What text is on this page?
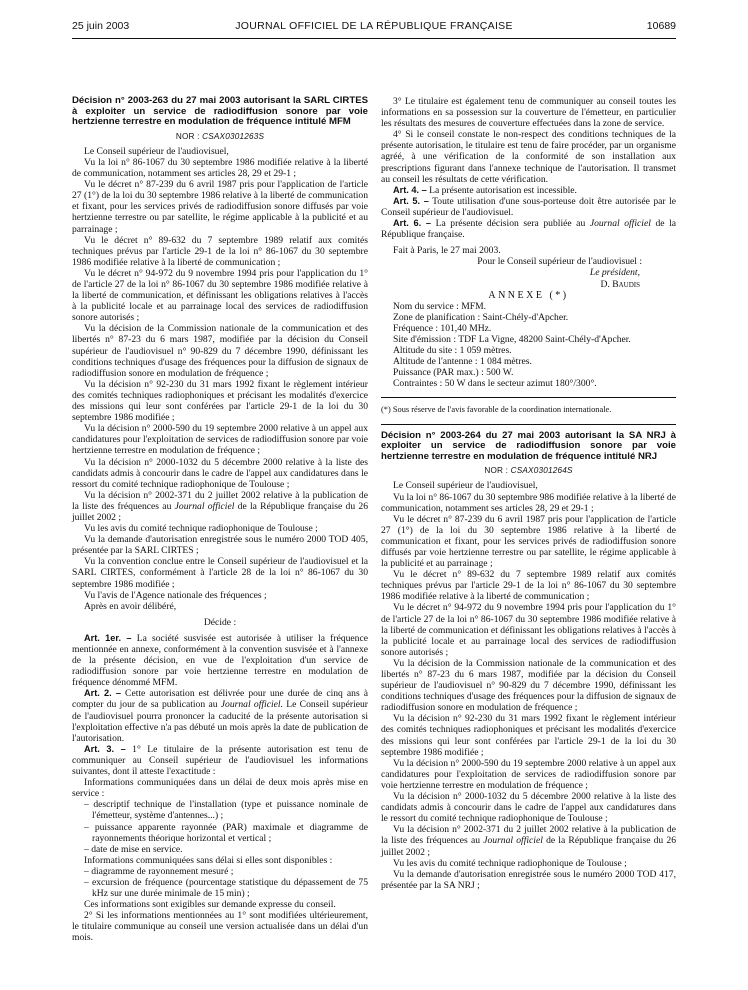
25 juin 2003	JOURNAL OFFICIEL DE LA RÉPUBLIQUE FRANÇAISE	10689
Décision n° 2003-263 du 27 mai 2003 autorisant la SARL CIRTES à exploiter un service de radiodiffusion sonore par voie hertzienne terrestre en modulation de fréquence intitulé MFM
NOR : CSAX0301263S

Le Conseil supérieur de l'audiovisuel,

Vu la loi n° 86-1067 du 30 septembre 1986 modifiée relative à la liberté de communication, notamment ses articles 28, 29 et 29-1 ;

Vu le décret n° 87-239 du 6 avril 1987 pris pour l'application de l'article 27 (1°) de la loi du 30 septembre 1986 relative à la liberté de communication et fixant, pour les services privés de radiodiffusion sonore diffusés par voie hertzienne terrestre ou par satellite, le régime applicable à la publicité et au parrainage ;

Vu le décret n° 89-632 du 7 septembre 1989 relatif aux comités techniques prévus par l'article 29-1 de la loi n° 86-1067 du 30 septembre 1986 modifiée relative à la liberté de communication ;

Vu le décret n° 94-972 du 9 novembre 1994 pris pour l'application du 1° de l'article 27 de la loi n° 86-1067 du 30 septembre 1986 modifiée relative à la liberté de communication, et définissant les obligations relatives à l'accès à la publicité locale et au parrainage local des services de radiodiffusion sonore autorisés ;

Vu la décision de la Commission nationale de la communication et des libertés n° 87-23 du 6 mars 1987, modifiée par la décision du Conseil supérieur de l'audiovisuel n° 90-829 du 7 décembre 1990, définissant les conditions techniques d'usage des fréquences pour la diffusion de signaux de radiodiffusion sonore en modulation de fréquence ;

Vu la décision n° 92-230 du 31 mars 1992 fixant le règlement intérieur des comités techniques radiophoniques et précisant les modalités d'exercice des missions qui leur sont conférées par l'article 29-1 de la loi du 30 septembre 1986 modifiée ;

Vu la décision n° 2000-590 du 19 septembre 2000 relative à un appel aux candidatures pour l'exploitation de services de radiodiffusion sonore par voie hertzienne terrestre en modulation de fréquence ;

Vu la décision n° 2000-1032 du 5 décembre 2000 relative à la liste des candidats admis à concourir dans le cadre de l'appel aux candidatures dans le ressort du comité technique radiophonique de Toulouse ;

Vu la décision n° 2002-371 du 2 juillet 2002 relative à la publication de la liste des fréquences au Journal officiel de la République française du 26 juillet 2002 ;

Vu les avis du comité technique radiophonique de Toulouse ;

Vu la demande d'autorisation enregistrée sous le numéro 2000 TOD 405, présentée par la SARL CIRTES ;

Vu la convention conclue entre le Conseil supérieur de l'audiovisuel et la SARL CIRTES, conformément à l'article 28 de la loi n° 86-1067 du 30 septembre 1986 modifiée ;

Vu l'avis de l'Agence nationale des fréquences ;

Après en avoir délibéré,

Décide :

Art. 1er. – La société susvisée est autorisée à utiliser la fréquence mentionnée en annexe, conformément à la convention susvisée et à l'annexe de la présente décision, en vue de l'exploitation d'un service de radiodiffusion sonore par voie hertzienne terrestre en modulation de fréquence dénommé MFM.

Art. 2. – Cette autorisation est délivrée pour une durée de cinq ans à compter du jour de sa publication au Journal officiel. Le Conseil supérieur de l'audiovisuel pourra prononcer la caducité de la présente autorisation si l'exploitation effective n'a pas débuté un mois après la date de publication de l'autorisation.

Art. 3. – 1° Le titulaire de la présente autorisation est tenu de communiquer au Conseil supérieur de l'audiovisuel les informations suivantes, dont il atteste l'exactitude :

Informations communiquées dans un délai de deux mois après mise en service :

– descriptif technique de l'installation (type et puissance nominale de l'émetteur, système d'antennes...) ;

– puissance apparente rayonnée (PAR) maximale et diagramme de rayonnements théorique horizontal et vertical ;

– date de mise en service.

Informations communiquées sans délai si elles sont disponibles :

– diagramme de rayonnement mesuré ;

– excursion de fréquence (pourcentage statistique du dépassement de 75 kHz sur une durée minimale de 15 min) ;

Ces informations sont exigibles sur demande expresse du conseil.

2° Si les informations mentionnées au 1° sont modifiées ultérieurement, le titulaire communique au conseil une version actualisée dans un délai d'un mois.

3° Le titulaire est également tenu de communiquer au conseil toutes les informations en sa possession sur la couverture de l'émetteur, en particulier les résultats des mesures de couverture effectuées dans la zone de service.

4° Si le conseil constate le non-respect des conditions techniques de la présente autorisation, le titulaire est tenu de faire procéder, par un organisme agréé, à une vérification de la conformité de son installation aux prescriptions figurant dans l'annexe technique de l'autorisation. Il transmet au conseil les résultats de cette vérification.

Art. 4. – La présente autorisation est incessible.

Art. 5. – Toute utilisation d'une sous-porteuse doit être autorisée par le Conseil supérieur de l'audiovisuel.

Art. 6. – La présente décision sera publiée au Journal officiel de la République française.

Fait à Paris, le 27 mai 2003.

Pour le Conseil supérieur de l'audiovisuel :

Le président,

D. Baudis

ANNEXE (*)

Nom du service : MFM.

Zone de planification : Saint-Chély-d'Apcher.

Fréquence : 101,40 MHz.

Site d'émission : TDF La Vigne, 48200 Saint-Chély-d'Apcher.

Altitude du site : 1 059 mètres.

Altitude de l'antenne : 1 084 mètres.

Puissance (PAR max.) : 500 W.

Contraintes : 50 W dans le secteur azimut 180°/300°.

(*) Sous réserve de l'avis favorable de la coordination internationale.

Décision n° 2003-264 du 27 mai 2003 autorisant la SA NRJ à exploiter un service de radiodiffusion sonore par voie hertzienne terrestre en modulation de fréquence intitulé NRJ
NOR : CSAX0301264S

Le Conseil supérieur de l'audiovisuel,

Vu la loi n° 86-1067 du 30 septembre 986 modifiée relative à la liberté de communication, notamment ses articles 28, 29 et 29-1 ;

Vu le décret n° 87-239 du 6 avril 1987 pris pour l'application de l'article 27 (1°) de la loi du 30 septembre 1986 relative à la liberté de communication et fixant, pour les services privés de radiodiffusion sonore diffusés par voie hertzienne terrestre ou par satellite, le régime applicable à la publicité et au parrainage ;

Vu le décret n° 89-632 du 7 septembre 1989 relatif aux comités techniques prévus par l'article 29-1 de la loi n° 86-1067 du 30 septembre 1986 modifiée relative à la liberté de communication ;

Vu le décret n° 94-972 du 9 novembre 1994 pris pour l'application du 1° de l'article 27 de la loi n° 86-1067 du 30 septembre 1986 modifiée relative à la liberté de communication et définissant les obligations relatives à l'accès à la publicité locale et au parrainage local des services de radiodiffusion sonore autorisés ;

Vu la décision de la Commission nationale de la communication et des libertés n° 87-23 du 6 mars 1987, modifiée par la décision du Conseil supérieur de l'audiovisuel n° 90-829 du 7 décembre 1990, définissant les conditions techniques d'usage des fréquences pour la diffusion de signaux de radiodiffusion sonore en modulation de fréquence ;

Vu la décision n° 92-230 du 31 mars 1992 fixant le règlement intérieur des comités techniques radiophoniques et précisant les modalités d'exercice des missions qui leur sont conférées par l'article 29-1 de la loi du 30 septembre 1986 modifiée ;

Vu la décision n° 2000-590 du 19 septembre 2000 relative à un appel aux candidatures pour l'exploitation de services de radiodiffusion sonore par voie hertzienne terrestre en modulation de fréquence ;

Vu la décision n° 2000-1032 du 5 décembre 2000 relative à la liste des candidats admis à concourir dans le cadre de l'appel aux candidatures dans le ressort du comité technique radiophonique de Toulouse ;

Vu la décision n° 2002-371 du 2 juillet 2002 relative à la publication de la liste des fréquences au Journal officiel de la République française du 26 juillet 2002 ;

Vu les avis du comité technique radiophonique de Toulouse ;

Vu la demande d'autorisation enregistrée sous le numéro 2000 TOD 417, présentée par la SA NRJ ;
